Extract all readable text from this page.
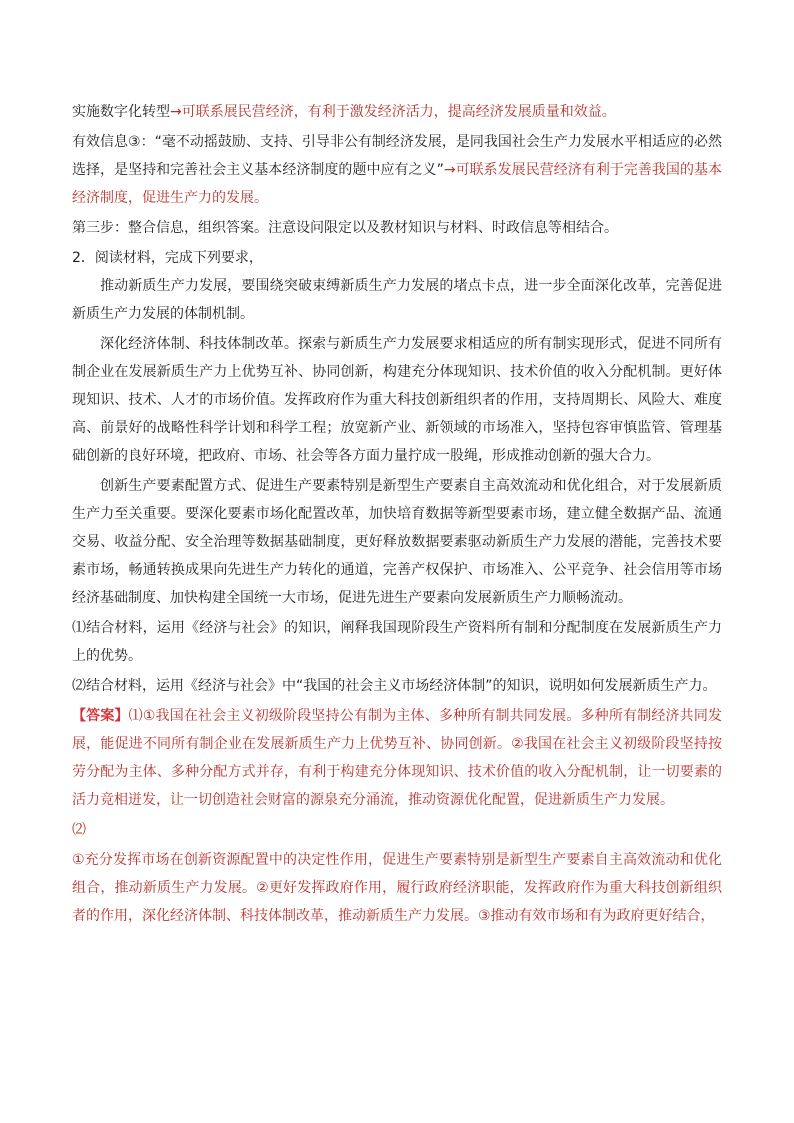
实施数字化转型→可联系展民营经济，有利于激发经济活力，提高经济发展质量和效益。

有效信息③：“毫不动摇鼓励、支持、引导非公有制经济发展，是同我国社会生产力发展水平相适应的必然选择，是坚持和完善社会主义基本经济制度的题中应有之义”→可联系发展民营经济有利于完善我国的基本经济制度，促进生产力的发展。

第三步：整合信息，组织答案。注意设问限定以及教材知识与材料、时政信息等相结合。

2．阅读材料，完成下列要求，

推动新质生产力发展，要围绕突破束缚新质生产力发展的堵点卡点，进一步全面深化改革，完善促进新质生产力发展的体制机制。

深化经济体制、科技体制改革。探索与新质生产力发展要求相适应的所有制实现形式，促进不同所有制企业在发展新质生产力上优势互补、协同创新，构建充分体现知识、技术价值的收入分配机制。更好体现知识、技术、人才的市场价值。发挥政府作为重大科技创新组织者的作用，支持周期长、风险大、难度高、前景好的战略性科学计划和科学工程；放宽新产业、新领域的市场准入，坚持包容审慎监管、管理基础创新的良好环境，把政府、市场、社会等各方面力量拧成一股绳，形成推动创新的强大合力。

创新生产要素配置方式、促进生产要素特别是新型生产要素自主高效流动和优化组合，对于发展新质生产力至关重要。要深化要素市场化配置改革，加快培育数据等新型要素市场，建立健全数据产品、流通交易、收益分配、安全治理等数据基础制度，更好释放数据要素驱动新质生产力发展的潜能，完善技术要素市场，畅通转换成果向先进生产力转化的通道，完善产权保护、市场准入、公平竞争、社会信用等市场经济基础制度、加快构建全国统一大市场，促进先进生产要素向发展新质生产力顺畅流动。

⑴结合材料，运用《经济与社会》的知识，阐释我国现阶段生产资料所有制和分配制度在发展新质生产力上的优势。

⑵结合材料，运用《经济与社会》中“我国的社会主义市场经济体制”的知识，说明如何发展新质生产力。

【答案】⑴①我国在社会主义初级阶段坚持公有制为主体、多种所有制共同发展。多种所有制经济共同发展，能促进不同所有制企业在发展新质生产力上优势互补、协同创新。②我国在社会主义初级阶段坚持按劳分配为主体、多种分配方式并存，有利于构建充分体现知识、技术价值的收入分配机制，让一切要素的活力竞相迸发，让一切创造社会财富的源泉充分涌流，推动资源优化配置，促进新质生产力发展。

⑵

①充分发挥市场在创新资源配置中的决定性作用，促进生产要素特别是新型生产要素自主高效流动和优化组合，推动新质生产力发展。②更好发挥政府作用，履行政府经济职能，发挥政府作为重大科技创新组织者的作用，深化经济体制、科技体制改革，推动新质生产力发展。③推动有效市场和有为政府更好结合，
